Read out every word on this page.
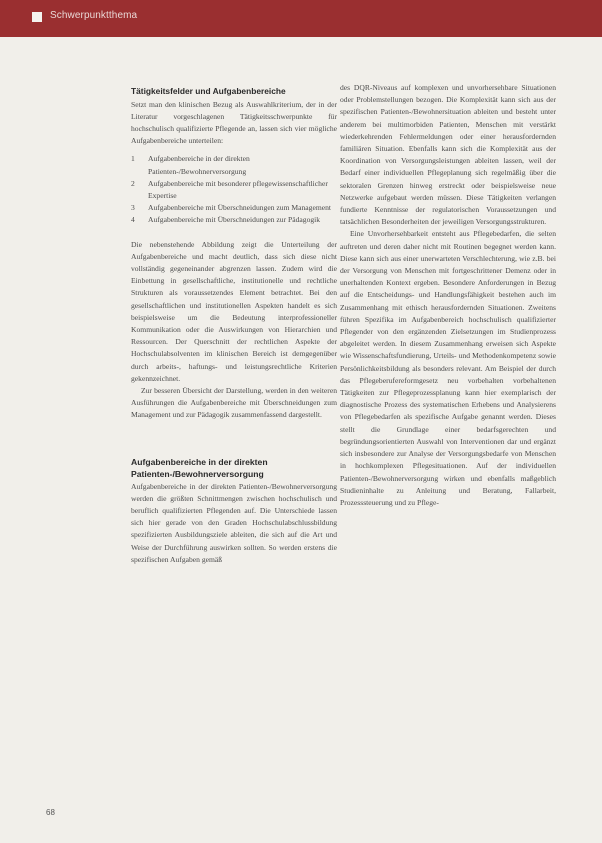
Schwerpunktthema
Tätigkeitsfelder und Aufgabenbereiche

Setzt man den klinischen Bezug als Auswahlkriterium, der in der Literatur vorgeschlagenen Tätigkeitsschwerpunkte für hochschulisch qualifizierte Pflegende an, lassen sich vier mögliche Aufgabenbereiche unterteilen:

1	Aufgabenbereiche in der direkten Patienten-/Bewohnerversorgung
2	Aufgabenbereiche mit besonderer pflegewissenschaftlicher Expertise
3	Aufgabenbereiche mit Überschneidungen zum Management
4	Aufgabenbereiche mit Überschneidungen zur Pädagogik

Die nebenstehende Abbildung zeigt die Unterteilung der Aufgabenbereiche und macht deutlich, dass sich diese nicht vollständig gegeneinander abgrenzen lassen. Zudem wird die Einbettung in gesellschaftliche, institutionelle und rechtliche Strukturen als voraussetzendes Element betrachtet. Bei den gesellschaftlichen und institutionellen Aspekten handelt es sich beispielsweise um die Bedeutung interprofessioneller Kommunikation oder die Auswirkungen von Hierarchien und Ressourcen. Der Querschnitt der rechtlichen Aspekte der Hochschulabsolventen im klinischen Bereich ist demgegenüber durch arbeits-, haftungs- und leistungsrechtliche Kriterien gekennzeichnet.

Zur besseren Übersicht der Darstellung, werden in den weiteren Ausführungen die Aufgabenbereiche mit Überschneidungen zum Management und zur Pädagogik zusammenfassend dargestellt.

Aufgabenbereiche in der direkten Patienten-/Bewohnerversorgung

Aufgabenbereiche in der direkten Patienten-/Bewohnerversorgung werden die größten Schnittmengen zwischen hochschulisch und beruflich qualifizierten Pflegenden auf. Die Unterschiede lassen sich hier gerade von den Graden Hochschulabschlussbildung spezifizierten Ausbildungsziele ableiten, die sich auf die Art und Weise der Durchführung auswirken sollten. So werden erstens die spezifischen Aufgaben gemäß

des DQR-Niveaus auf komplexen und unvorhersehbare Situationen oder Problemstellungen bezogen. Die Komplexität kann sich aus der spezifischen Patienten-/Bewohnersituation ableiten und besteht unter anderem bei multimorbiden Patienten, Menschen mit verstärkt wiederkehrenden Fehlermeldungen oder einer herausfordernden familiären Situation. Ebenfalls kann sich die Komplexität aus der Koordination von Versorgungsleistungen ableiten lassen, weil der Bedarf einer individuellen Pflegeplanung sich regelmäßig über die sektoralen Grenzen hinweg erstreckt oder beispielsweise neue Netzwerke aufgebaut werden müssen. Diese Tätigkeiten verlangen fundierte Kenntnisse der regulatorischen Voraussetzungen und tatsächlichen Besonderheiten der jeweiligen Versorgungsstrukturen.

Eine Unvorhersehbarkeit entsteht aus Pflegebedarfen, die selten auftreten und deren daher nicht mit Routinen begegnet werden kann. Diese kann sich aus einer unerwarteten Verschlechterung, wie z.B. bei der Versorgung von Menschen mit fortgeschrittener Demenz oder in unerhaltenden Kontext ergeben. Besondere Anforderungen in Bezug auf die Entscheidungs- und Handlungsfähigkeit bestehen auch im Zusammenhang mit ethisch herausfordernden Situationen. Zweitens führen Spezifika im Aufgabenbereich hochschulisch qualifizierter Pflegender von den ergänzenden Zielsetzungen im Studienprozess abgeleitet werden. In diesem Zusammenhang erweisen sich Aspekte wie Wissenschaftsfundierung, Urteils- und Methodenkompetenz sowie Persönlichkeitsbildung als besonders relevant. Am Beispiel der durch das Pflegeberufereformgesetz neu vorbehalten vorbehaltenen Tätigkeiten zur Pflegeprozessplanung kann hier exemplarisch der diagnostische Prozess des systematischen Erhebens und Analysierens von Pflegebedarfen als spezifische Aufgabe genannt werden. Dieses stellt die Grundlage einer bedarfsgerechten und begründungsorientierten Auswahl von Interventionen dar und ergänzt sich insbesondere zur Analyse der Versorgungsbedarfe von Menschen in hochkomplexen Pflegesituationen. Auf der individuellen Patienten-/Bewohnerversorgung wirken und ebenfalls maßgeblich Studieninhalte zu Anleitung und Beratung, Fallarbeit, Prozesssteuerung und zu Pflege-

68
